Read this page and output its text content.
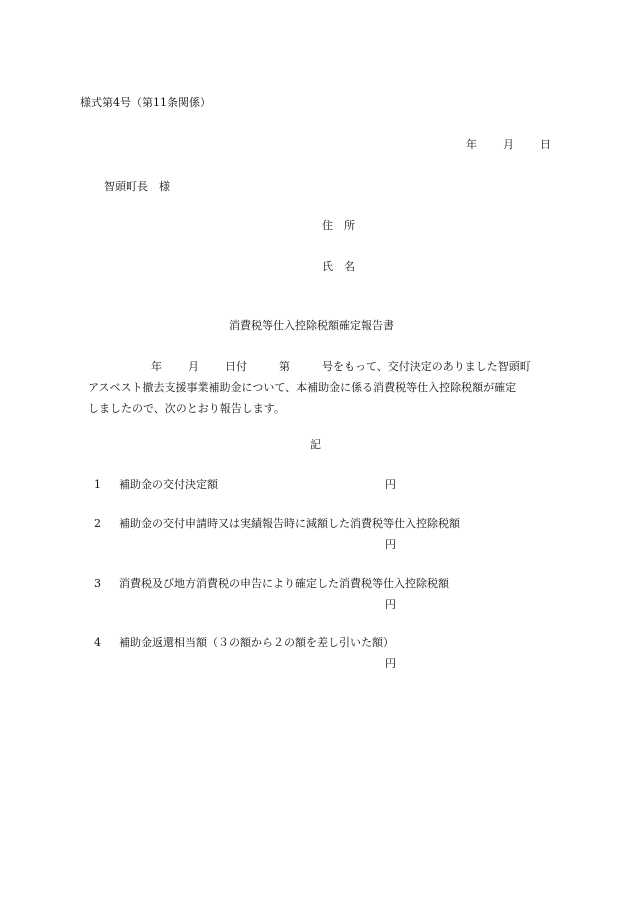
様式第4号（第11条関係）
年 月 日
智頭町長　様
住　所
氏　名
消費税等仕入控除税額確定報告書
年 月 日付	第	号をもって、交付決定のありました智頭町
アスベスト撤去支援事業補助金について、本補助金に係る消費税等仕入控除税額が確定
しましたので、次のとおり報告します。
記
1 補助金の交付決定額	円
2 補助金の交付申請時又は実績報告時に減額した消費税等仕入控除税額
円
3 消費税及び地方消費税の申告により確定した消費税等仕入控除税額
円
4 補助金返還相当額（３の額から２の額を差し引いた額）
円
